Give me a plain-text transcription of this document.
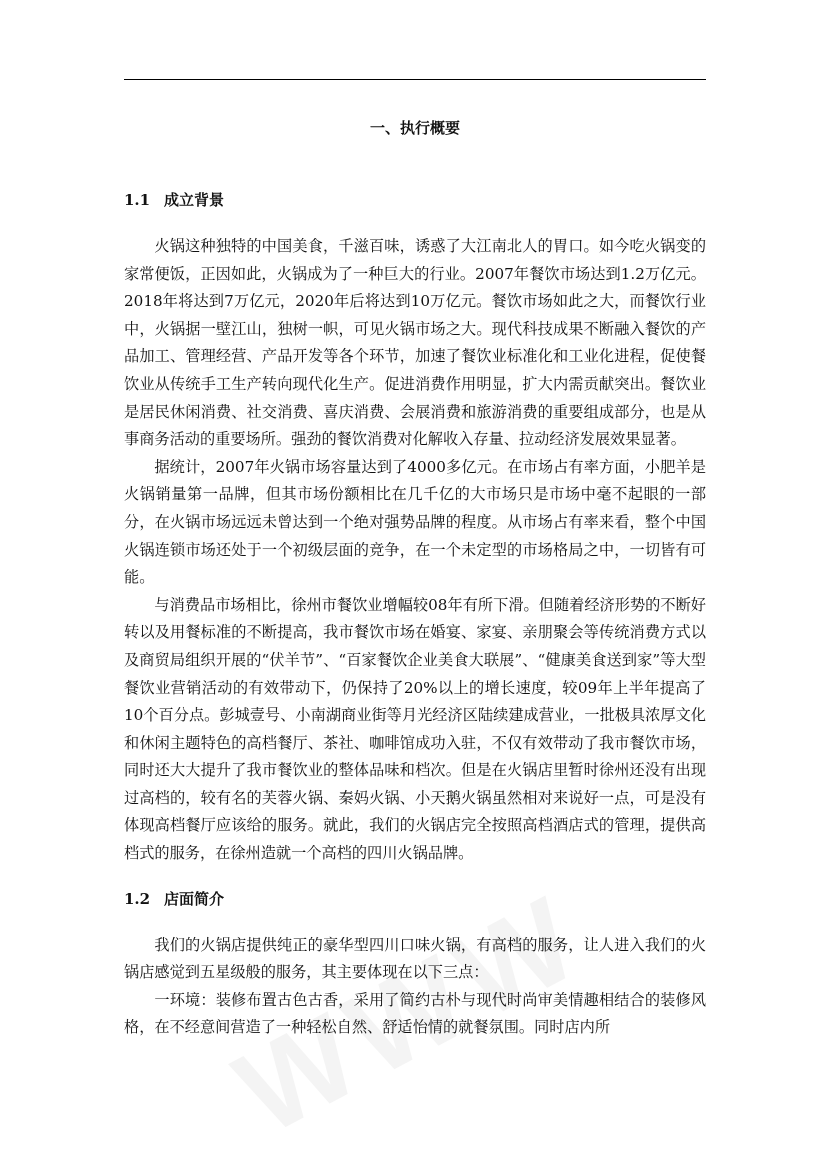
一、执行概要
1.1 成立背景

火锅这种独特的中国美食，千滋百味，诱惑了大江南北人的胃口。如今吃火锅变的家常便饭，正因如此，火锅成为了一种巨大的行业。2007年餐饮市场达到1.2万亿元。2018年将达到7万亿元，2020年后将达到10万亿元。餐饮市场如此之大，而餐饮行业中，火锅据一壁江山，独树一帜，可见火锅市场之大。现代科技成果不断融入餐饮的产品加工、管理经营、产品开发等各个环节，加速了餐饮业标准化和工业化进程，促使餐饮业从传统手工生产转向现代化生产。促进消费作用明显，扩大内需贡献突出。餐饮业是居民休闲消费、社交消费、喜庆消费、会展消费和旅游消费的重要组成部分，也是从事商务活动的重要场所。强劲的餐饮消费对化解收入存量、拉动经济发展效果显著。

据统计，2007年火锅市场容量达到了4000多亿元。在市场占有率方面，小肥羊是火锅销量第一品牌，但其市场份额相比在几千亿的大市场只是市场中毫不起眼的一部分，在火锅市场远远未曾达到一个绝对强势品牌的程度。从市场占有率来看，整个中国火锅连锁市场还处于一个初级层面的竞争，在一个未定型的市场格局之中，一切皆有可能。

与消费品市场相比，徐州市餐饮业增幅较08年有所下滑。但随着经济形势的不断好转以及用餐标准的不断提高，我市餐饮市场在婚宴、家宴、亲朋聚会等传统消费方式以及商贸局组织开展的“伏羊节”、“百家餐饮企业美食大联展”、“健康美食送到家”等大型餐饮业营销活动的有效带动下，仍保持了20%以上的增长速度，较09年上半年提高了10个百分点。彭城壹号、小南湖商业街等月光经济区陆续建成营业，一批极具浓厚文化和休闲主题特色的高档餐厅、茶社、咖啡馆成功入驻，不仅有效带动了我市餐饮市场，同时还大大提升了我市餐饮业的整体品味和档次。但是在火锅店里暂时徐州还没有出现过高档的，较有名的芙蓉火锅、秦妈火锅、小天鹅火锅虽然相对来说好一点，可是没有体现高档餐厅应该给的服务。就此，我们的火锅店完全按照高档酒店式的管理，提供高档式的服务，在徐州造就一个高档的四川火锅品牌。

1.2 店面简介

我们的火锅店提供纯正的豪华型四川口味火锅，有高档的服务，让人进入我们的火锅店感觉到五星级般的服务，其主要体现在以下三点：

一环境：装修布置古色古香，采用了简约古朴与现代时尚审美情趣相结合的装修风格，在不经意间营造了一种轻松自然、舒适怡情的就餐氛围。同时店内所
